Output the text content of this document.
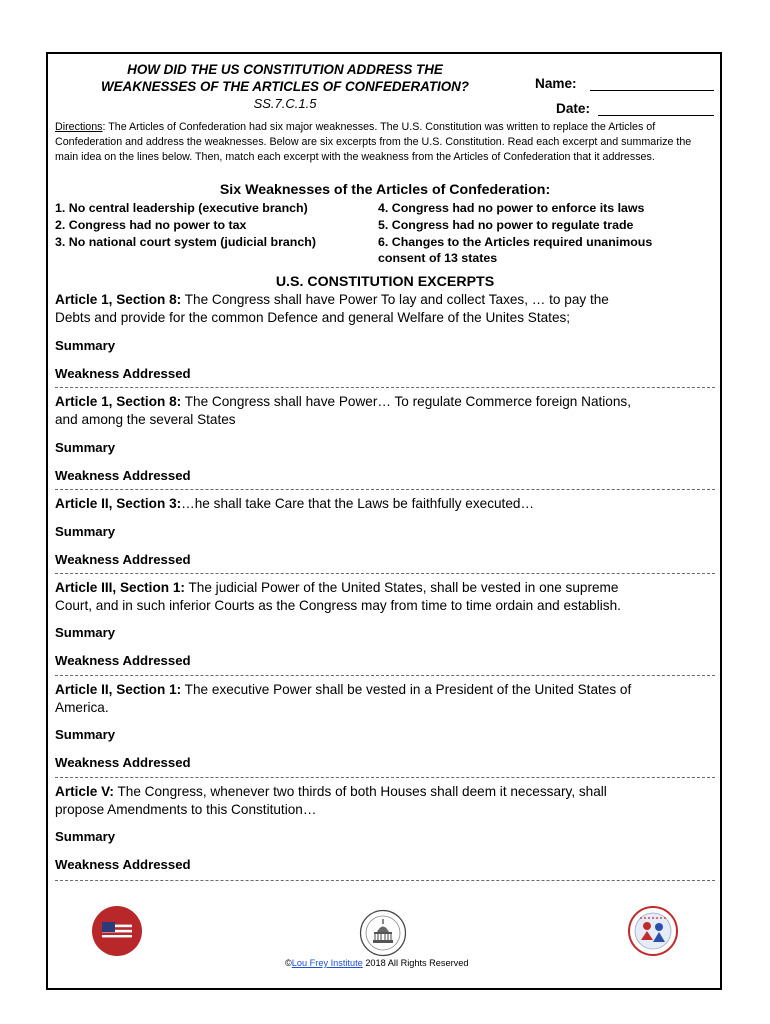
HOW DID THE US CONSTITUTION ADDRESS THE
WEAKNESSES OF THE ARTICLES OF CONFEDERATION?
SS.7.C.1.5
Name:
Date:
Directions: The Articles of Confederation had six major weaknesses. The U.S. Constitution was written to replace the Articles of Confederation and address the weaknesses. Below are six excerpts from the U.S. Constitution. Read each excerpt and summarize the main idea on the lines below. Then, match each excerpt with the weakness from the Articles of Confederation that it addresses.
Six Weaknesses of the Articles of Confederation:
1. No central leadership (executive branch)
2. Congress had no power to tax
3. No national court system (judicial branch)
4. Congress had no power to enforce its laws
5. Congress had no power to regulate trade
6. Changes to the Articles required unanimous
consent of 13 states
U.S. CONSTITUTION EXCERPTS
Article 1, Section 8: The Congress shall have Power To lay and collect Taxes, … to pay the
Debts and provide for the common Defence and general Welfare of the Unites States;
Summary
Weakness Addressed
Article 1, Section 8: The Congress shall have Power… To regulate Commerce foreign Nations,
and among the several States
Summary
Weakness Addressed
Article II, Section 3:…he shall take Care that the Laws be faithfully executed…
Summary
Weakness Addressed
Article III, Section 1: The judicial Power of the United States, shall be vested in one supreme
Court, and in such inferior Courts as the Congress may from time to time ordain and establish.
Summary
Weakness Addressed
Article II, Section 1: The executive Power shall be vested in a President of the United States of
America.
Summary
Weakness Addressed
Article V: The Congress, whenever two thirds of both Houses shall deem it necessary, shall
propose Amendments to this Constitution…
Summary
Weakness Addressed
©Lou Frey Institute 2018 All Rights Reserved
